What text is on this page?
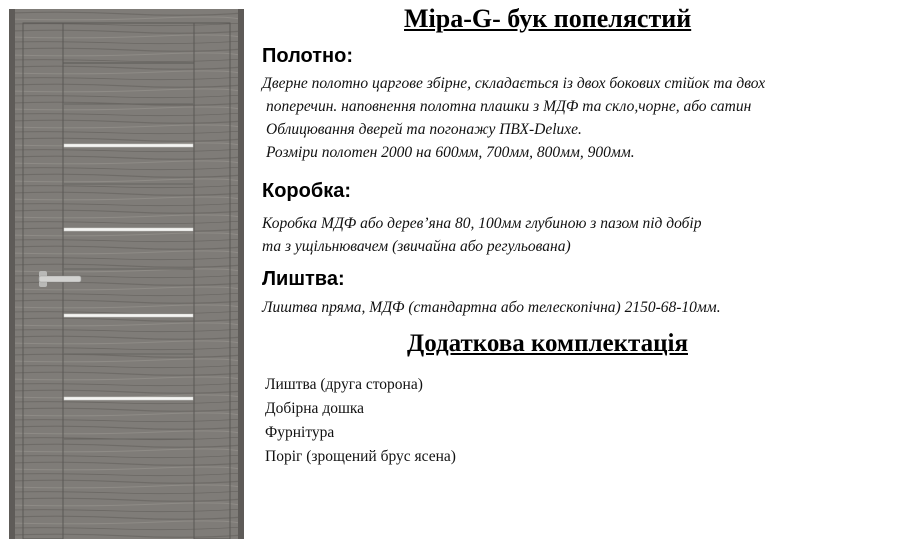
Міра-G- бук попелястий
Полотно:

Дверне полотно царгове збірне, складається із двох бокових стійок та двох
поперечин. наповнення полотна плашки з МДФ та скло,чорне, або сатин
Облицювання дверей та погонажу ПВХ-Deluxe.
Розміри полотен 2000 на 600мм, 700мм, 800мм, 900мм.

Коробка:

Коробка МДФ або дерев’яна 80, 100мм глубиною з пазом під добір
та з ущільнювачем (звичайна або регульована)

Лиштва:

Лиштва пряма, МДФ (стандартна або телескопічна) 2150-68-10мм.

Додаткова комплектація
Лиштва (друга сторона)
Добірна дошка
Фурнітура
Поріг (зрощений брус ясена)
